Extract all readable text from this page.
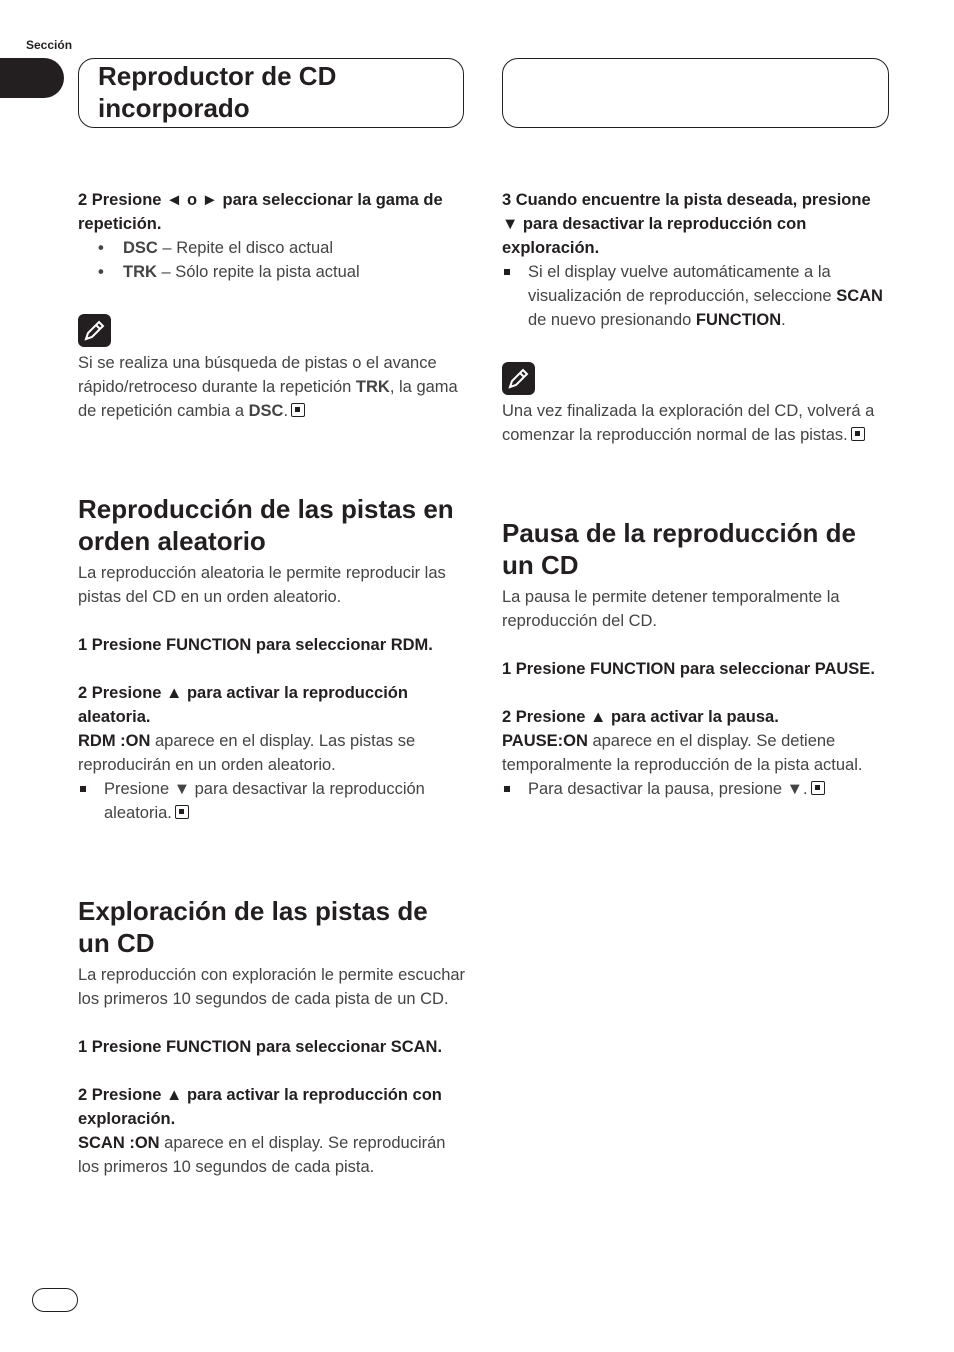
Sección
Reproductor de CD incorporado

2 Presione ◄ o ► para seleccionar la gama de repetición.

• DSC – Repite el disco actual

• TRK – Sólo repite la pista actual

Si se realiza una búsqueda de pistas o el avance rápido/retroceso durante la repetición TRK, la gama de repetición cambia a DSC.

Reproducción de las pistas en orden aleatorio

La reproducción aleatoria le permite reproducir las pistas del CD en un orden aleatorio.

1 Presione FUNCTION para seleccionar RDM.

2 Presione ▲ para activar la reproducción aleatoria.

RDM :ON aparece en el display. Las pistas se reproducirán en un orden aleatorio.

Presione ▼ para desactivar la reproducción aleatoria.

Exploración de las pistas de un CD

La reproducción con exploración le permite escuchar los primeros 10 segundos de cada pista de un CD.

1 Presione FUNCTION para seleccionar SCAN.

2 Presione ▲ para activar la reproducción con exploración.

SCAN :ON aparece en el display. Se reproducirán los primeros 10 segundos de cada pista.

3 Cuando encuentre la pista deseada, presione ▼ para desactivar la reproducción con exploración.

Si el display vuelve automáticamente a la visualización de reproducción, seleccione SCAN de nuevo presionando FUNCTION.

Una vez finalizada la exploración del CD, volverá a comenzar la reproducción normal de las pistas.

Pausa de la reproducción de un CD

La pausa le permite detener temporalmente la reproducción del CD.

1 Presione FUNCTION para seleccionar PAUSE.

2 Presione ▲ para activar la pausa.

PAUSE:ON aparece en el display. Se detiene temporalmente la reproducción de la pista actual.

Para desactivar la pausa, presione ▼.
